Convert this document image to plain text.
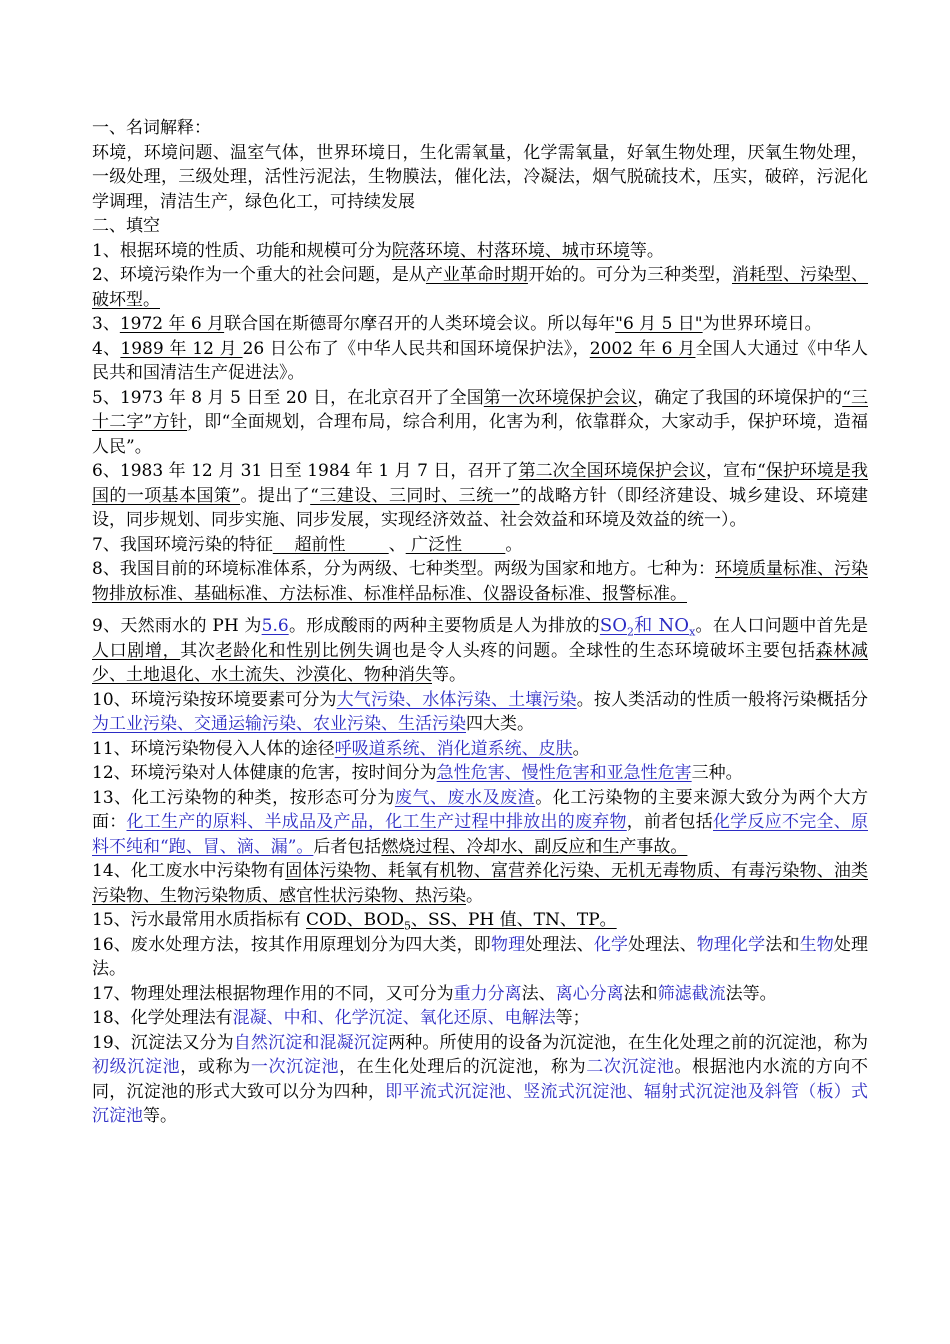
一、名词解释：

环境，环境问题、温室气体，世界环境日，生化需氧量，化学需氧量，好氧生物处理，厌氧生物处理，一级处理，三级处理，活性污泥法，生物膜法，催化法，冷凝法，烟气脱硫技术，压实，破碎，污泥化学调理，清洁生产，绿色化工，可持续发展

二、填空

1、根据环境的性质、功能和规模可分为院落环境、村落环境、城市环境等。

2、环境污染作为一个重大的社会问题，是从产业革命时期开始的。可分为三种类型，消耗型、污染型、破坏型。

3、1972 年 6 月联合国在斯德哥尔摩召开的人类环境会议。所以每年"6 月 5 日"为世界环境日。

4、1989 年 12 月 26 日公布了《中华人民共和国环境保护法》，2002 年 6 月全国人大通过《中华人民共和国清洁生产促进法》。

5、1973 年 8 月 5 日至 20 日，在北京召开了全国第一次环境保护会议，确定了我国的环境保护的“三十二字”方针，即“全面规划，合理布局，综合利用，化害为利，依靠群众，大家动手，保护环境，造福人民”。

6、1983 年 12 月 31 日至 1984 年 1 月 7 日，召开了第二次全国环境保护会议，宣布“保护环境是我国的一项基本国策”。提出了“三建设、三同时、三统一”的战略方针（即经济建设、城乡建设、环境建设，同步规划、同步实施、同步发展，实现经济效益、社会效益和环境及效益的统一）。

7、我国环境污染的特征    超前性        、 广泛性        。

8、我国目前的环境标准体系，分为两级、七种类型。两级为国家和地方。七种为：环境质量标准、污染物排放标准、基础标准、方法标准、标准样品标准、仪器设备标准、报警标准。

9、天然雨水的 PH 为5.6。形成酸雨的两种主要物质是人为排放的$SO_2$和 $NO_x$。在人口问题中首先是人口剧增，其次老龄化和性别比例失调也是令人头疼的问题。全球性的生态环境破坏主要包括森林减少、土地退化、水土流失、沙漠化、物种消失等。

10、环境污染按环境要素可分为大气污染、水体污染、土壤污染。按人类活动的性质一般将污染概括分为工业污染、交通运输污染、农业污染、生活污染四大类。

11、环境污染物侵入人体的途径呼吸道系统、消化道系统、皮肤。

12、环境污染对人体健康的危害，按时间分为急性危害、慢性危害和亚急性危害三种。

13、化工污染物的种类，按形态可分为废气、废水及废渣。化工污染物的主要来源大致分为两个大方面：化工生产的原料、半成品及产品，化工生产过程中排放出的废弃物，前者包括化学反应不完全、原料不纯和“跑、冒、滴、漏”。后者包括燃烧过程、冷却水、副反应和生产事故。

14、化工废水中污染物有固体污染物、耗氧有机物、富营养化污染、无机无毒物质、有毒污染物、油类污染物、生物污染物质、感官性状污染物、热污染。

15、污水最常用水质指标有 COD、$BOD_5$、SS、PH 值、TN、TP。

16、废水处理方法，按其作用原理划分为四大类，即物理处理法、化学处理法、物理化学法和生物处理法。

17、物理处理法根据物理作用的不同，又可分为重力分离法、离心分离法和筛滤截流法等。

18、化学处理法有混凝、中和、化学沉淀、氧化还原、电解法等；

19、沉淀法又分为自然沉淀和混凝沉淀两种。所使用的设备为沉淀池，在生化处理之前的沉淀池，称为初级沉淀池，或称为一次沉淀池，在生化处理后的沉淀池，称为二次沉淀池。根据池内水流的方向不同，沉淀池的形式大致可以分为四种，即平流式沉淀池、竖流式沉淀池、辐射式沉淀池及斜管（板）式沉淀池等。
